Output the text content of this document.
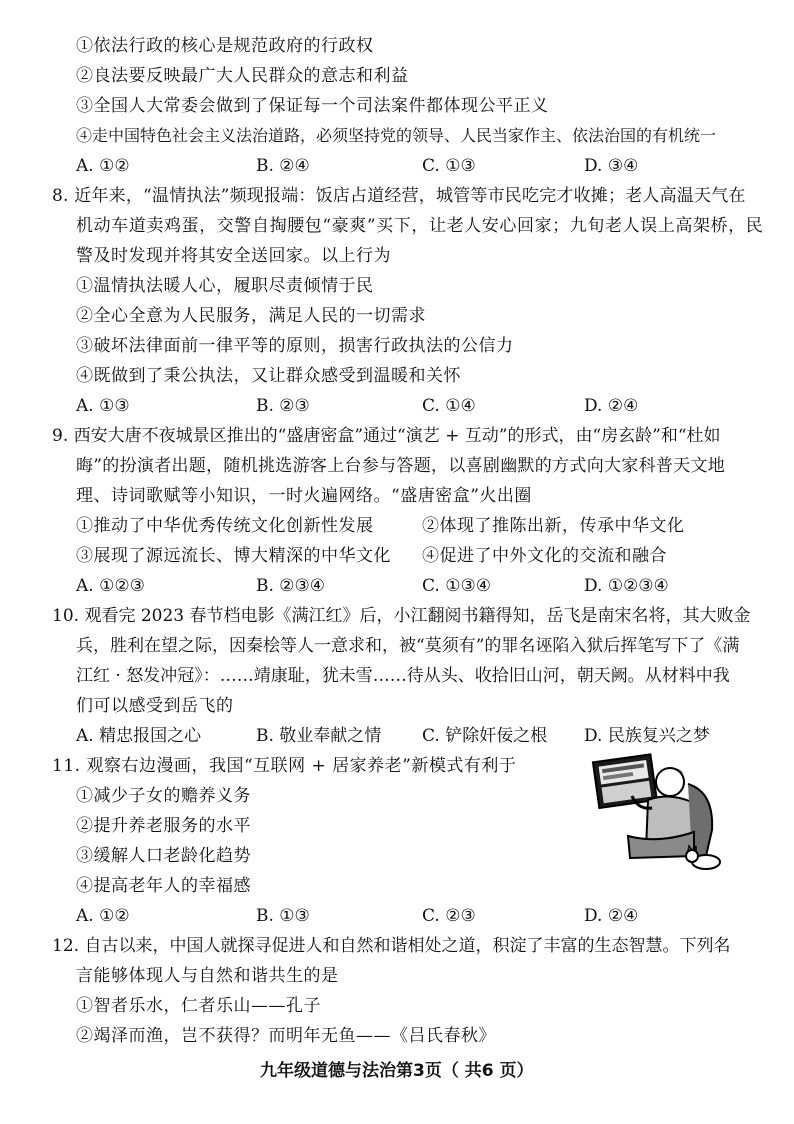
①依法行政的核心是规范政府的行政权
②良法要反映最广大人民群众的意志和利益
③全国人大常委会做到了保证每一个司法案件都体现公平正义
④走中国特色社会主义法治道路，必须坚持党的领导、人民当家作主、依法治国的有机统一
A. ①②	B. ②④	C. ①③	D. ③④
8. 近年来，“温情执法”频现报端：饭店占道经营，城管等市民吃完才收摊；老人高温天气在
机动车道卖鸡蛋，交警自掏腰包“豪爽”买下，让老人安心回家；九旬老人误上高架桥，民
警及时发现并将其安全送回家。以上行为
①温情执法暖人心，履职尽责倾情于民
②全心全意为人民服务，满足人民的一切需求
③破坏法律面前一律平等的原则，损害行政执法的公信力
④既做到了秉公执法，又让群众感受到温暖和关怀
A. ①③	B. ②③	C. ①④	D. ②④
9. 西安大唐不夜城景区推出的“盛唐密盒”通过“演艺 + 互动”的形式，由“房玄龄”和“杜如
晦”的扮演者出题，随机挑选游客上台参与答题，以喜剧幽默的方式向大家科普天文地
理、诗词歌赋等小知识，一时火遍网络。“盛唐密盒”火出圈
①推动了中华优秀传统文化创新性发展	②体现了推陈出新，传承中华文化
③展现了源远流长、博大精深的中华文化 ④促进了中外文化的交流和融合
A. ①②③	B. ②③④	C. ①③④	D. ①②③④
10. 观看完 2023 春节档电影《满江红》后，小江翻阅书籍得知，岳飞是南宋名将，其大败金
兵，胜利在望之际，因秦桧等人一意求和，被“莫须有”的罪名诬陷入狱后挥笔写下了《满
江红 · 怒发冲冠》：……靖康耻，犹未雪……待从头、收拾旧山河，朝天阙。从材料中我
们可以感受到岳飞的
A. 精忠报国之心	B. 敬业奉献之情 C. 铲除奸佞之根 D. 民族复兴之梦
11. 观察右边漫画，我国“互联网 + 居家养老”新模式有利于
①减少子女的赡养义务
②提升养老服务的水平
③缓解人口老龄化趋势
④提高老年人的幸福感
A. ①②	B. ①③	C. ②③	D. ②④
12. 自古以来，中国人就探寻促进人和自然和谐相处之道，积淀了丰富的生态智慧。下列名
言能够体现人与自然和谐共生的是
①智者乐水，仁者乐山——孔子
②竭泽而渔，岂不获得？而明年无鱼——《吕氏春秋》
九年级道德与法治第3页（ 共6 页）
